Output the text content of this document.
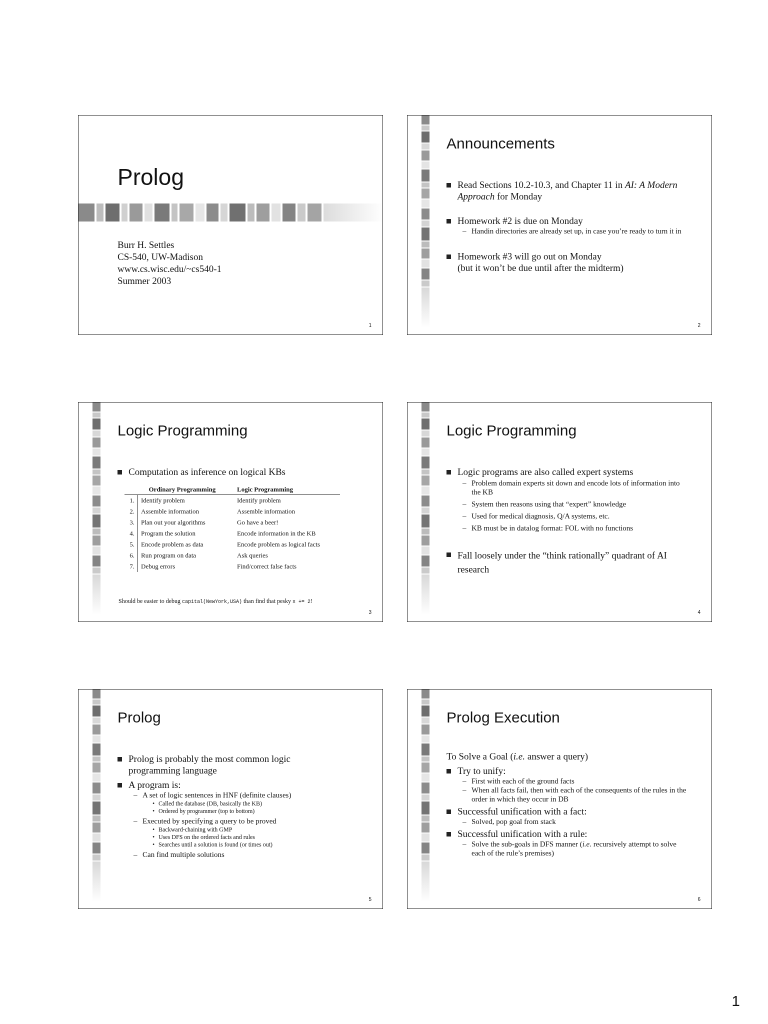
Prolog
Burr H. Settles
CS-540, UW-Madison
www.cs.wisc.edu/~cs540-1
Summer 2003
1
Announcements
Read Sections 10.2-10.3, and Chapter 11 in AI: A Modern Approach for Monday
Homework #2 is due on Monday
– Handin directories are already set up, in case you’re ready to turn it in
Homework #3 will go out on Monday
(but it won’t be due until after the midterm)
2
Logic Programming
Computation as inference on logical KBs
	Ordinary Programming	Logic Programming
1.	Identify problem	Identify problem
2.	Assemble information	Assemble information
3.	Plan out your algorithms	Go have a beer!
4.	Program the solution	Encode information in the KB
5.	Encode problem as data	Encode problem as logical facts
6.	Run program on data	Ask queries
7.	Debug errors	Find/correct false facts
Should be easier to debug capital(NewYork,USA) than find that pesky x += 2!
3
Logic Programming
Logic programs are also called expert systems
– Problem domain experts sit down and encode lots of information into the KB
– System then reasons using that “expert” knowledge
– Used for medical diagnosis, Q/A systems, etc.
– KB must be in datalog format: FOL with no functions
Fall loosely under the “think rationally” quadrant of AI research
4
Prolog
Prolog is probably the most common logic programming language
A program is:
– A set of logic sentences in HNF (definite clauses)
• Called the database (DB, basically the KB)
• Ordered by programmer (top to bottom)
– Executed by specifying a query to be proved
• Backward-chaining with GMP
• Uses DFS on the ordered facts and rules
• Searches until a solution is found (or times out)
– Can find multiple solutions
5
Prolog Execution
To Solve a Goal (i.e. answer a query)
Try to unify:
– First with each of the ground facts
– When all facts fail, then with each of the consequents of the rules in the order in which they occur in DB
Successful unification with a fact:
– Solved, pop goal from stack
Successful unification with a rule:
– Solve the sub-goals in DFS manner (i.e. recursively attempt to solve each of the rule’s premises)
6
1
